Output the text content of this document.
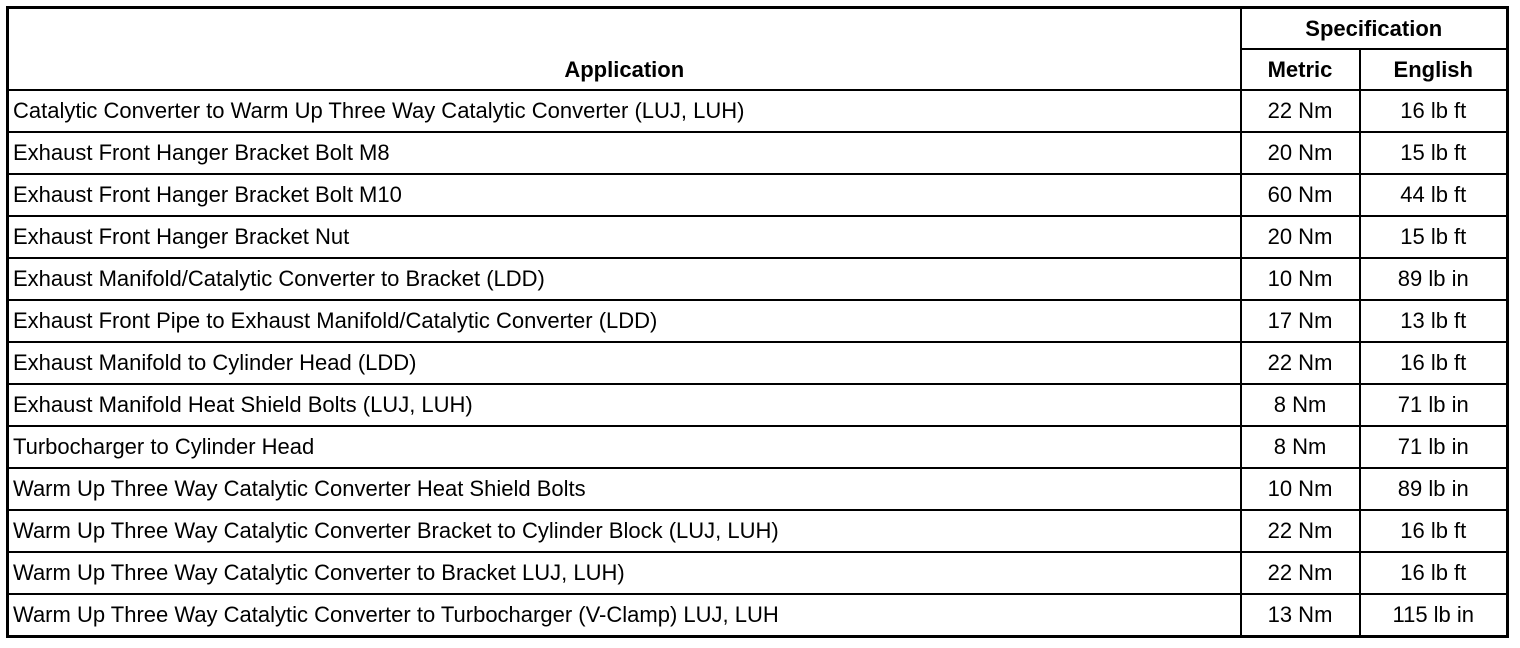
Application	Specification	
	Metric	English
Catalytic Converter to Warm Up Three Way Catalytic Converter (LUJ, LUH)	22 Nm	16 lb ft
Exhaust Front Hanger Bracket Bolt M8	20 Nm	15 lb ft
Exhaust Front Hanger Bracket Bolt M10	60 Nm	44 lb ft
Exhaust Front Hanger Bracket Nut	20 Nm	15 lb ft
Exhaust Manifold/Catalytic Converter to Bracket (LDD)	10 Nm	89 lb in
Exhaust Front Pipe to Exhaust Manifold/Catalytic Converter (LDD)	17 Nm	13 lb ft
Exhaust Manifold to Cylinder Head (LDD)	22 Nm	16 lb ft
Exhaust Manifold Heat Shield Bolts (LUJ, LUH)	8 Nm	71 lb in
Turbocharger to Cylinder Head	8 Nm	71 lb in
Warm Up Three Way Catalytic Converter Heat Shield Bolts	10 Nm	89 lb in
Warm Up Three Way Catalytic Converter Bracket to Cylinder Block (LUJ, LUH)	22 Nm	16 lb ft
Warm Up Three Way Catalytic Converter to Bracket LUJ, LUH)	22 Nm	16 lb ft
Warm Up Three Way Catalytic Converter to Turbocharger (V-Clamp) LUJ, LUH	13 Nm	115 lb in
